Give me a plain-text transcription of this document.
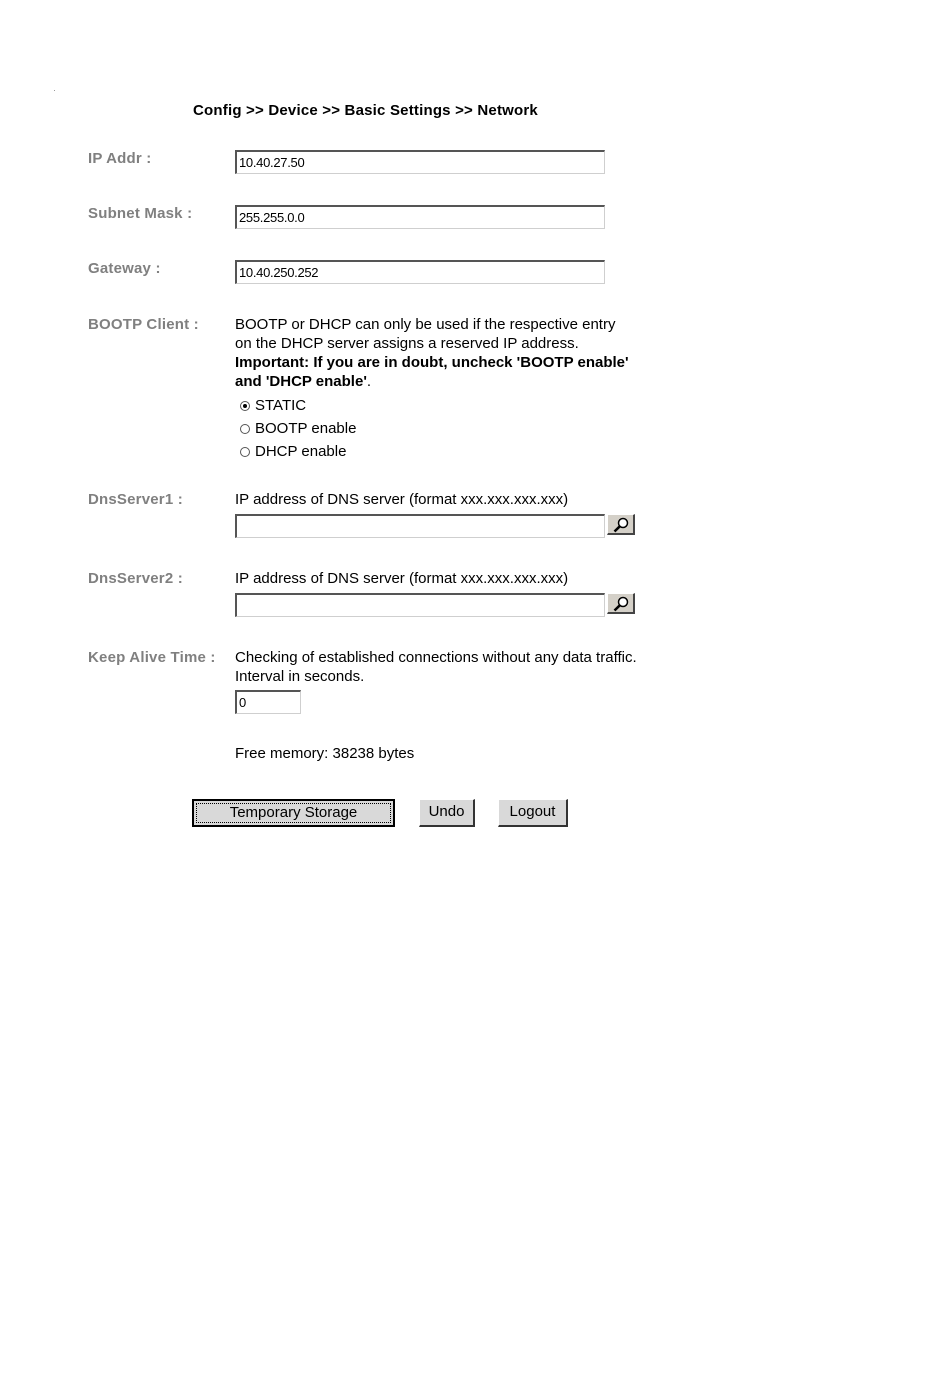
Config >> Device >> Basic Settings >> Network
IP Addr :	10.40.27.50
Subnet Mask :	255.255.0.0
Gateway :	10.40.250.252
BOOTP Client : BOOTP or DHCP can only be used if the respective entry
on the DHCP server assigns a reserved IP address.
Important: If you are in doubt, uncheck 'BOOTP enable'
and 'DHCP enable'.
STATIC
BOOTP enable
DHCP enable
DnsServer1 :	IP address of DNS server (format xxx.xxx.xxx.xxx)
DnsServer2 :	IP address of DNS server (format xxx.xxx.xxx.xxx)
Keep Alive Time : Checking of established connections without any data traffic.
Interval in seconds.
0
Free memory: 38238 bytes
Temporary Storage	Undo	Logout
